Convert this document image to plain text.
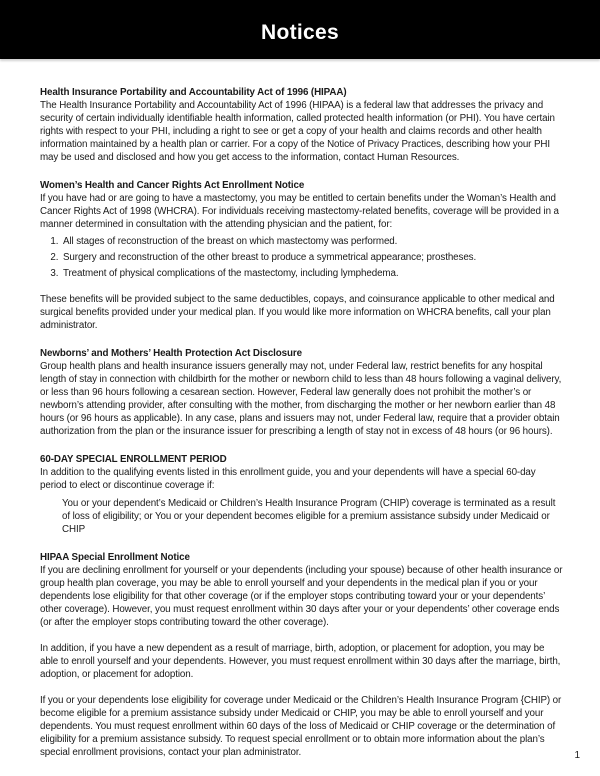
Notices
Health Insurance Portability and Accountability Act of 1996 (HIPAA)

The Health Insurance Portability and Accountability Act of 1996 (HIPAA) is a federal law that addresses the privacy and security of certain individually identifiable health information, called protected health information (or PHI). You have certain rights with respect to your PHI, including a right to see or get a copy of your health and claims records and other health information maintained by a health plan or carrier. For a copy of the Notice of Privacy Practices, describing how your PHI may be used and disclosed and how you get access to the information, contact Human Resources.

Women’s Health and Cancer Rights Act Enrollment Notice

If you have had or are going to have a mastectomy, you may be entitled to certain benefits under the Woman’s Health and Cancer Rights Act of 1998 (WHCRA). For individuals receiving mastectomy-related benefits, coverage will be provided in a manner determined in consultation with the attending physician and the patient, for:

1. All stages of reconstruction of the breast on which mastectomy was performed.
2. Surgery and reconstruction of the other breast to produce a symmetrical appearance; prostheses.
3. Treatment of physical complications of the mastectomy, including lymphedema.

These benefits will be provided subject to the same deductibles, copays, and coinsurance applicable to other medical and surgical benefits provided under your medical plan. If you would like more information on WHCRA benefits, call your plan administrator.

Newborns’ and Mothers’ Health Protection Act Disclosure

Group health plans and health insurance issuers generally may not, under Federal law, restrict benefits for any hospital length of stay in connection with childbirth for the mother or newborn child to less than 48 hours following a vaginal delivery, or less than 96 hours following a cesarean section. However, Federal law generally does not prohibit the mother’s or newborn’s attending provider, after consulting with the mother, from discharging the mother or her newborn earlier than 48 hours (or 96 hours as applicable). In any case, plans and issuers may not, under Federal law, require that a provider obtain authorization from the plan or the insurance issuer for prescribing a length of stay not in excess of 48 hours (or 96 hours).

60-DAY SPECIAL ENROLLMENT PERIOD

In addition to the qualifying events listed in this enrollment guide, you and your dependents will have a special 60-day period to elect or discontinue coverage if:

You or your dependent’s Medicaid or Children’s Health Insurance Program (CHIP) coverage is terminated as a result of loss of eligibility; or You or your dependent becomes eligible for a premium assistance subsidy under Medicaid or CHIP

HIPAA Special Enrollment Notice

If you are declining enrollment for yourself or your dependents (including your spouse) because of other health insurance or group health plan coverage, you may be able to enroll yourself and your dependents in the medical plan if you or your dependents lose eligibility for that other coverage (or if the employer stops contributing toward your or your dependents’ other coverage). However, you must request enrollment within 30 days after your or your dependents’ other coverage ends (or after the employer stops contributing toward the other coverage).

In addition, if you have a new dependent as a result of marriage, birth, adoption, or placement for adoption, you may be able to enroll yourself and your dependents. However, you must request enrollment within 30 days after the marriage, birth, adoption, or placement for adoption.

If you or your dependents lose eligibility for coverage under Medicaid or the Children’s Health Insurance Program {CHIP) or become eligible for a premium assistance subsidy under Medicaid or CHIP, you may be able to enroll yourself and your dependents. You must request enrollment within 60 days of the loss of Medicaid or CHIP coverage or the determination of eligibility for a premium assistance subsidy. To request special enrollment or to obtain more information about the plan’s special enrollment provisions, contact your plan administrator.	1
